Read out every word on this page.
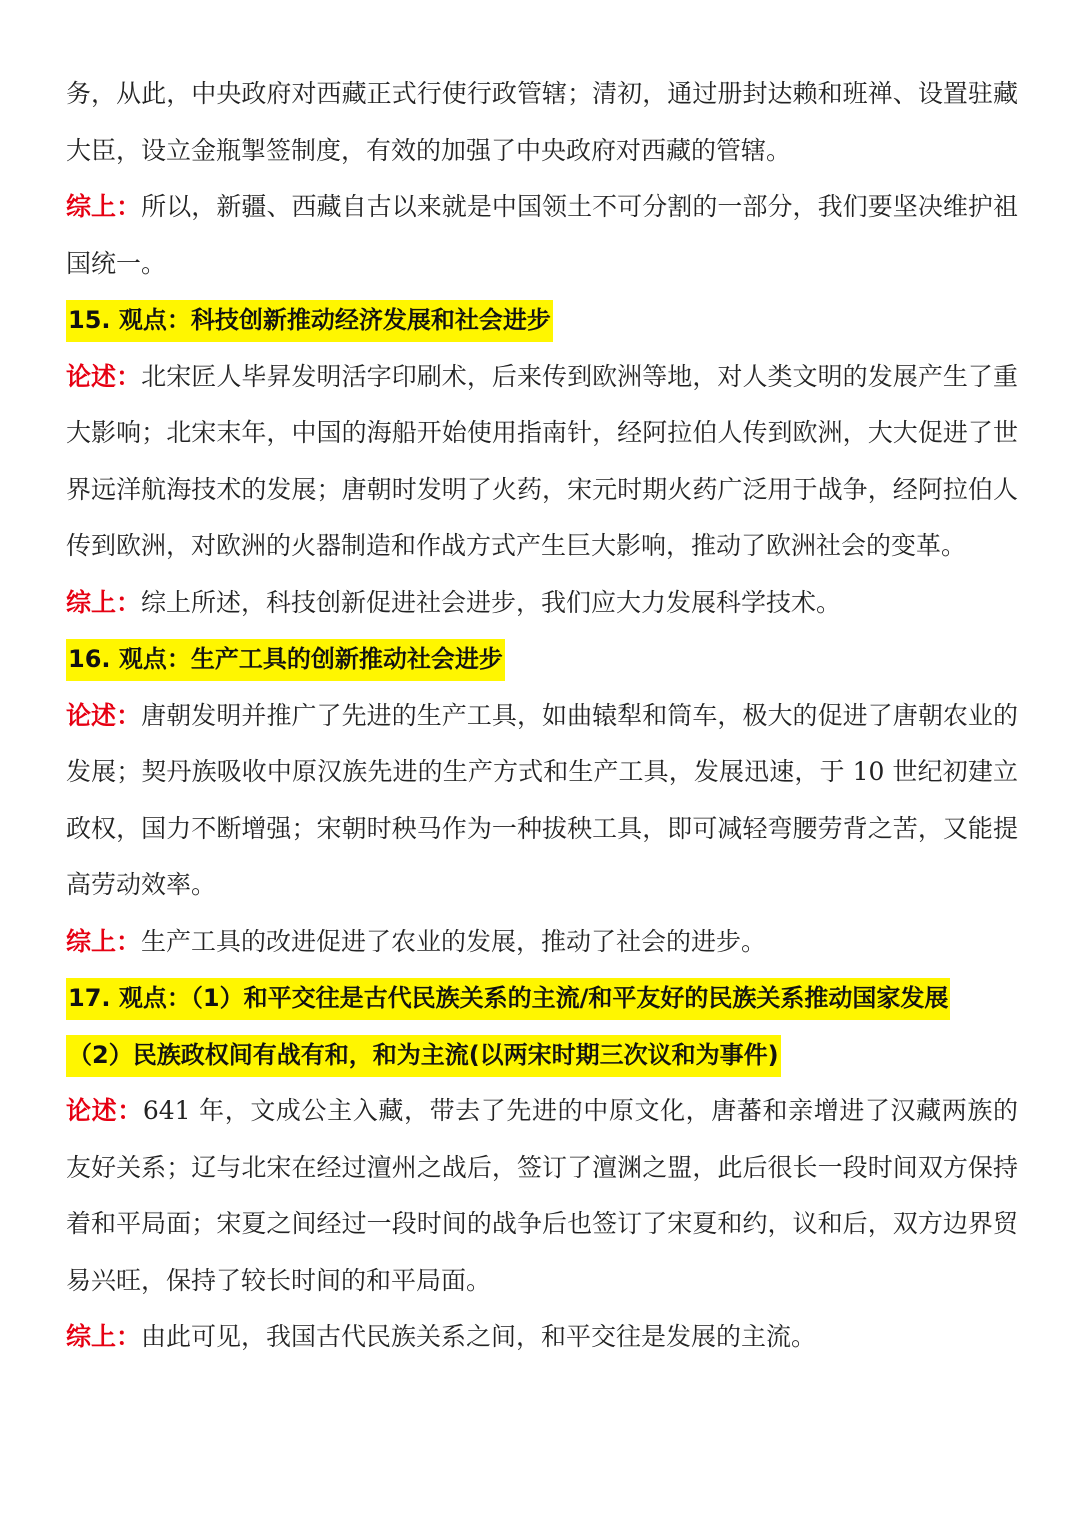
务，从此，中央政府对西藏正式行使行政管辖；清初，通过册封达赖和班禅、设置驻藏大臣，设立金瓶掣签制度，有效的加强了中央政府对西藏的管辖。

综上：所以，新疆、西藏自古以来就是中国领土不可分割的一部分，我们要坚决维护祖国统一。

15. 观点：科技创新推动经济发展和社会进步

论述：北宋匠人毕昇发明活字印刷术，后来传到欧洲等地，对人类文明的发展产生了重大影响；北宋末年，中国的海船开始使用指南针，经阿拉伯人传到欧洲，大大促进了世界远洋航海技术的发展；唐朝时发明了火药，宋元时期火药广泛用于战争，经阿拉伯人传到欧洲，对欧洲的火器制造和作战方式产生巨大影响，推动了欧洲社会的变革。

综上：综上所述，科技创新促进社会进步，我们应大力发展科学技术。

16. 观点：生产工具的创新推动社会进步

论述：唐朝发明并推广了先进的生产工具，如曲辕犁和筒车，极大的促进了唐朝农业的发展；契丹族吸收中原汉族先进的生产方式和生产工具，发展迅速，于 10 世纪初建立政权，国力不断增强；宋朝时秧马作为一种拔秧工具，即可减轻弯腰劳背之苦，又能提高劳动效率。

综上：生产工具的改进促进了农业的发展，推动了社会的进步。

17. 观点：（1）和平交往是古代民族关系的主流/和平友好的民族关系推动国家发展

（2）民族政权间有战有和，和为主流(以两宋时期三次议和为事件)

论述：641 年，文成公主入藏，带去了先进的中原文化，唐蕃和亲增进了汉藏两族的友好关系；辽与北宋在经过澶州之战后，签订了澶渊之盟，此后很长一段时间双方保持着和平局面；宋夏之间经过一段时间的战争后也签订了宋夏和约，议和后，双方边界贸易兴旺，保持了较长时间的和平局面。

综上：由此可见，我国古代民族关系之间，和平交往是发展的主流。
